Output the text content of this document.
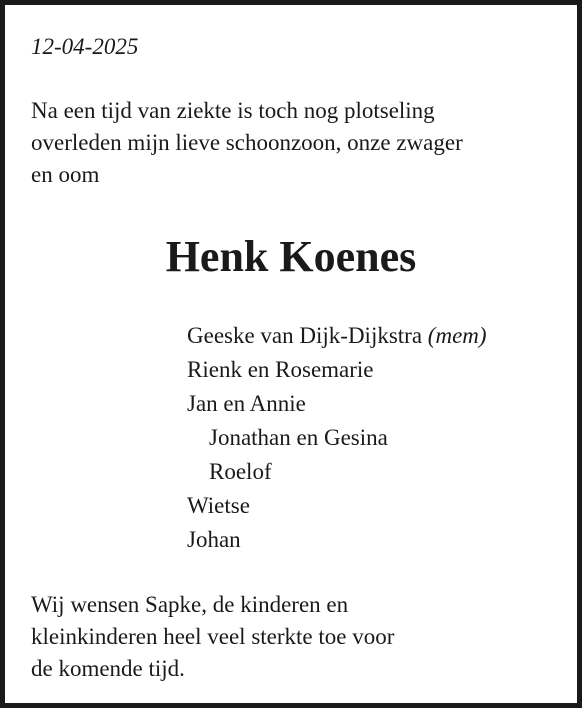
12-04-2025
Na een tijd van ziekte is toch nog plotseling
overleden mijn lieve schoonzoon, onze zwager
en oom
Henk Koenes
Geeske van Dijk-Dijkstra (mem)
Rienk en Rosemarie
Jan en Annie
Jonathan en Gesina
Roelof
Wietse
Johan
Wij wensen Sapke, de kinderen en
kleinkinderen heel veel sterkte toe voor
de komende tijd.
